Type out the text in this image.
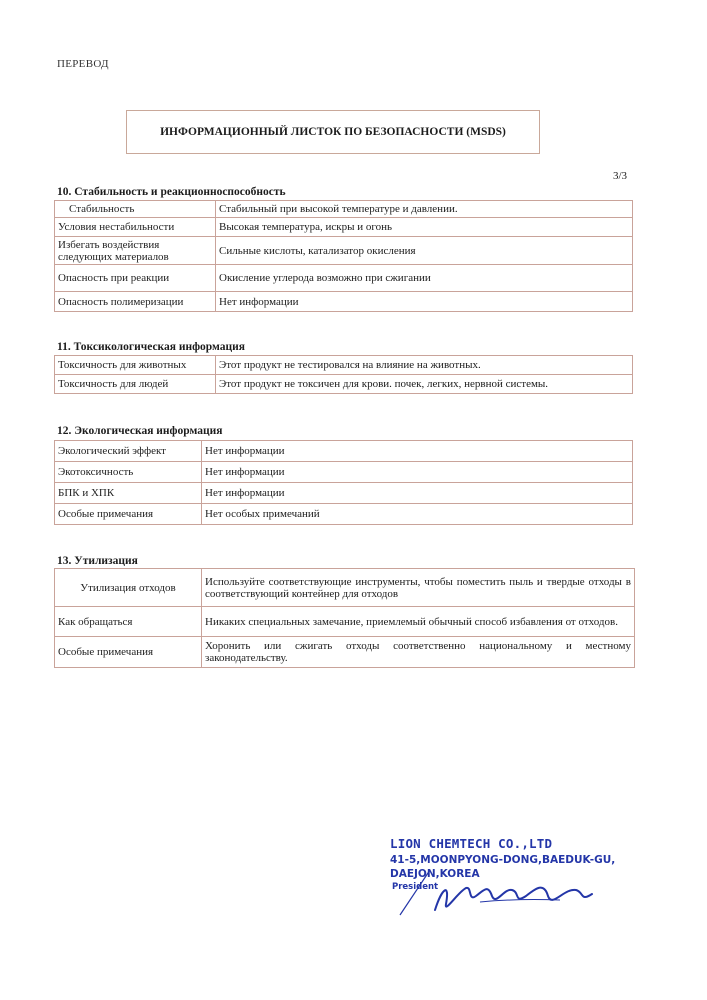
ПЕРЕВОД
ИНФОРМАЦИОННЫЙ ЛИСТОК ПО БЕЗОПАСНОСТИ (MSDS)
3/3
10. Стабильность и реакционноспособность
Стабильность	Стабильный при высокой температуре и давлении.
Условия нестабильности	Высокая температура, искры и огонь
Избегать воздействия следующих материалов	Сильные кислоты, катализатор окисления
Опасность при реакции	Окисление углерода возможно при сжигании
Опасность полимеризации	Нет информации
11. Токсикологическая информация
Токсичность для животных	Этот продукт не тестировался на влияние на животных.
Токсичность для людей	Этот продукт не токсичен для крови. почек, легких, нервной системы.
12. Экологическая информация
Экологический эффект	Нет информации
Экотоксичность	Нет информации
БПК и ХПК	Нет информации
Особые примечания	Нет особых примечаний
13. Утилизация
Утилизация отходов	Используйте соответствующие инструменты, чтобы поместить пыль и твердые отходы в соответствующий контейнер для отходов
Как обращаться	Никаких специальных замечание, приемлемый обычный способ избавления от отходов.
Особые примечания	Хоронить или сжигать отходы соответственно национальному и местному законодательству.
LION CHEMTECH CO.,LTD
41-5,MOONPYONG-DONG,BAEDUK-GU,
DAEJON,KOREA
President
